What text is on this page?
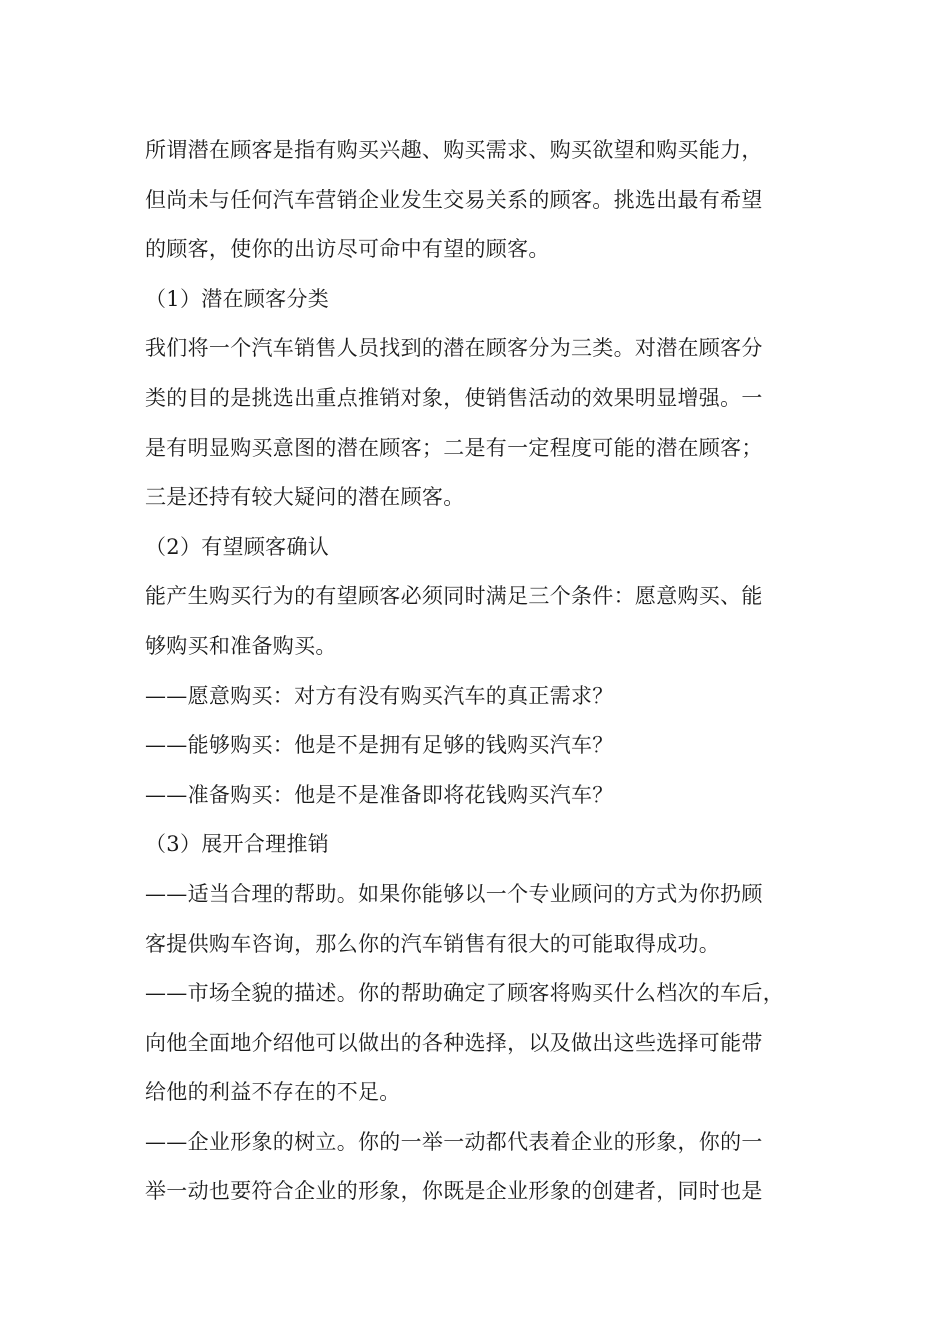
所谓潜在顾客是指有购买兴趣、购买需求、购买欲望和购买能力，
但尚未与任何汽车营销企业发生交易关系的顾客。挑选出最有希望
的顾客，使你的出访尽可命中有望的顾客。
（1）潜在顾客分类
我们将一个汽车销售人员找到的潜在顾客分为三类。对潜在顾客分
类的目的是挑选出重点推销对象，使销售活动的效果明显增强。一
是有明显购买意图的潜在顾客；二是有一定程度可能的潜在顾客；
三是还持有较大疑问的潜在顾客。
（2）有望顾客确认
能产生购买行为的有望顾客必须同时满足三个条件：愿意购买、能
够购买和准备购买。
——愿意购买：对方有没有购买汽车的真正需求？
——能够购买：他是不是拥有足够的钱购买汽车？
——准备购买：他是不是准备即将花钱购买汽车？
（3）展开合理推销
——适当合理的帮助。如果你能够以一个专业顾问的方式为你扔顾
客提供购车咨询，那么你的汽车销售有很大的可能取得成功。
——市场全貌的描述。你的帮助确定了顾客将购买什么档次的车后，
向他全面地介绍他可以做出的各种选择，以及做出这些选择可能带
给他的利益不存在的不足。
——企业形象的树立。你的一举一动都代表着企业的形象，你的一
举一动也要符合企业的形象，你既是企业形象的创建者，同时也是
